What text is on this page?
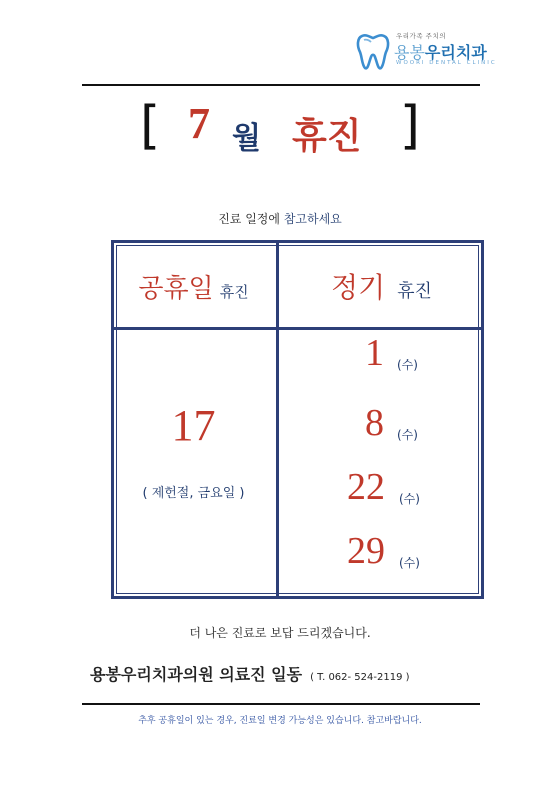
우리가족 주치의
용봉우리치과
WOORI DENTAL CLINIC
[ 7 월 휴진 ]
진료 일정에 참고하세요
공휴일 휴진	정기 휴진
17
( 제헌절, 금요일 )
1 (수)
8 (수)
22 (수)
29 (수)
더 나은 진료로 보답 드리겠습니다.
용봉우리치과의원 의료진 일동 ( T. 062- 524-2119 )
추후 공휴일이 있는 경우, 진료일 변경 가능성은 있습니다. 참고바랍니다.
